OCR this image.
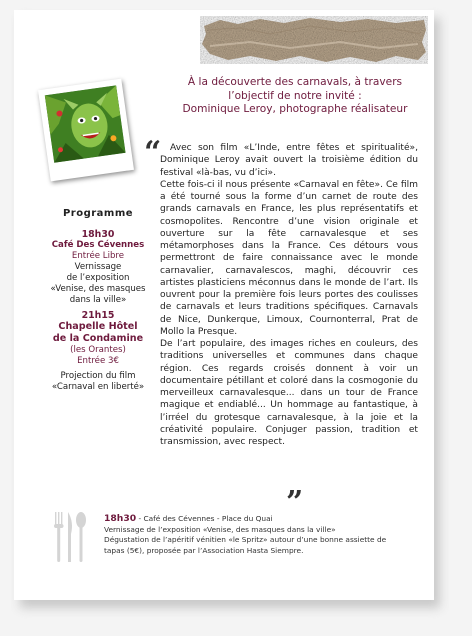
À la découverte des carnavals, à travers
l’objectif de notre invité :
Dominique Leroy, photographe réalisateur
“ Avec son film «L’Inde, entre fêtes et spiritualité», Dominique Leroy avait ouvert la troisième édition du festival «là-bas, vu d’ici».

Cette fois-ci il nous présente «Carnaval en fête». Ce film a été tourné sous la forme d’un carnet de route des grands carnavals en France, les plus représentatifs et cosmopolites. Rencontre d’une vision originale et ouverture sur la fête carnavalesque et ses métamorphoses dans la France. Ces détours vous permettront de faire connaissance avec le monde carnavalier, carnavalescos, maghi, découvrir ces artistes plasticiens méconnus dans le monde de l’art. Ils ouvrent pour la première fois leurs portes des coulisses de carnavals et leurs traditions spécifiques. Carnavals de Nice, Dunkerque, Limoux, Cournonterral, Prat de Mollo la Presque.

De l’art populaire, des images riches en couleurs, des traditions universelles et communes dans chaque région. Ces regards croisés donnent à voir un documentaire pétillant et coloré dans la cosmogonie du merveilleux carnavalesque... dans un tour de France magique et endiablé... Un hommage au fantastique, à l’irréel du grotesque carnavalesque, à la joie et la créativité populaire. Conjuger passion, tradition et transmission, avec respect.

”
Programme
18h30
Café Des Cévennes
Entrée Libre
Vernissage
de l’exposition
«Venise, des masques
dans la ville»
21h15
Chapelle Hôtel
de la Condamine
(les Orantes)
Entrée 3€
Projection du film
«Carnaval en liberté»
18h30 - Café des Cévennes - Place du Quai
Vernissage de l’exposition «Venise, des masques dans la ville»
Dégustation de l’apéritif vénitien «le Spritz» autour d’une bonne assiette de
tapas (5€), proposée par l’Association Hasta Siempre.
